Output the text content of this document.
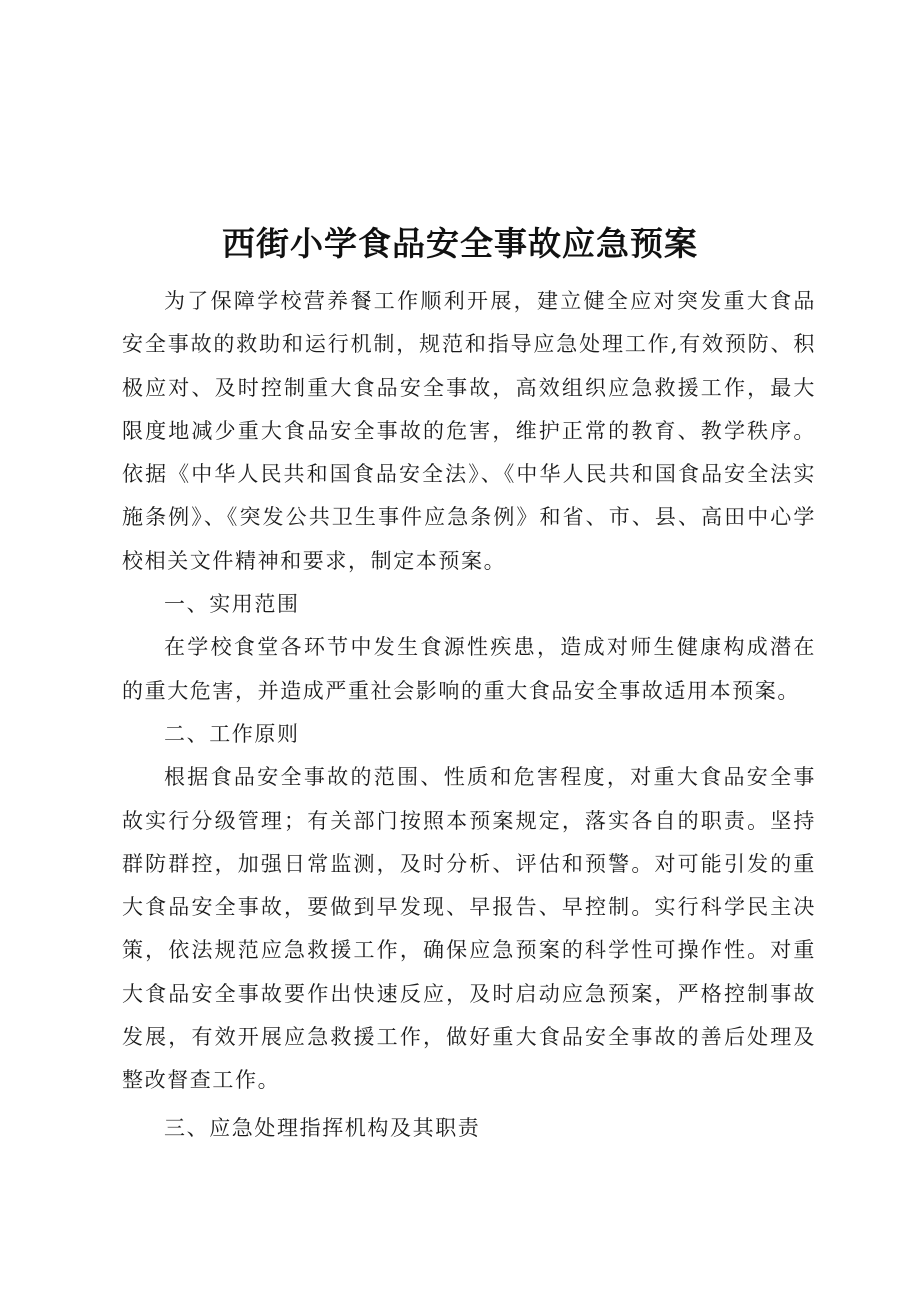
西街小学食品安全事故应急预案

为了保障学校营养餐工作顺利开展，建立健全应对突发重大食品安全事故的救助和运行机制，规范和指导应急处理工作,有效预防、积极应对、及时控制重大食品安全事故，高效组织应急救援工作，最大限度地减少重大食品安全事故的危害，维护正常的教育、教学秩序。依据《中华人民共和国食品安全法》、《中华人民共和国食品安全法实施条例》、《突发公共卫生事件应急条例》和省、市、县、高田中心学校相关文件精神和要求，制定本预案。

一、实用范围

在学校食堂各环节中发生食源性疾患，造成对师生健康构成潜在的重大危害，并造成严重社会影响的重大食品安全事故适用本预案。

二、工作原则

根据食品安全事故的范围、性质和危害程度，对重大食品安全事故实行分级管理；有关部门按照本预案规定，落实各自的职责。坚持群防群控，加强日常监测，及时分析、评估和预警。对可能引发的重大食品安全事故，要做到早发现、早报告、早控制。实行科学民主决策，依法规范应急救援工作，确保应急预案的科学性可操作性。对重大食品安全事故要作出快速反应，及时启动应急预案，严格控制事故发展，有效开展应急救援工作，做好重大食品安全事故的善后处理及整改督查工作。

三、应急处理指挥机构及其职责
